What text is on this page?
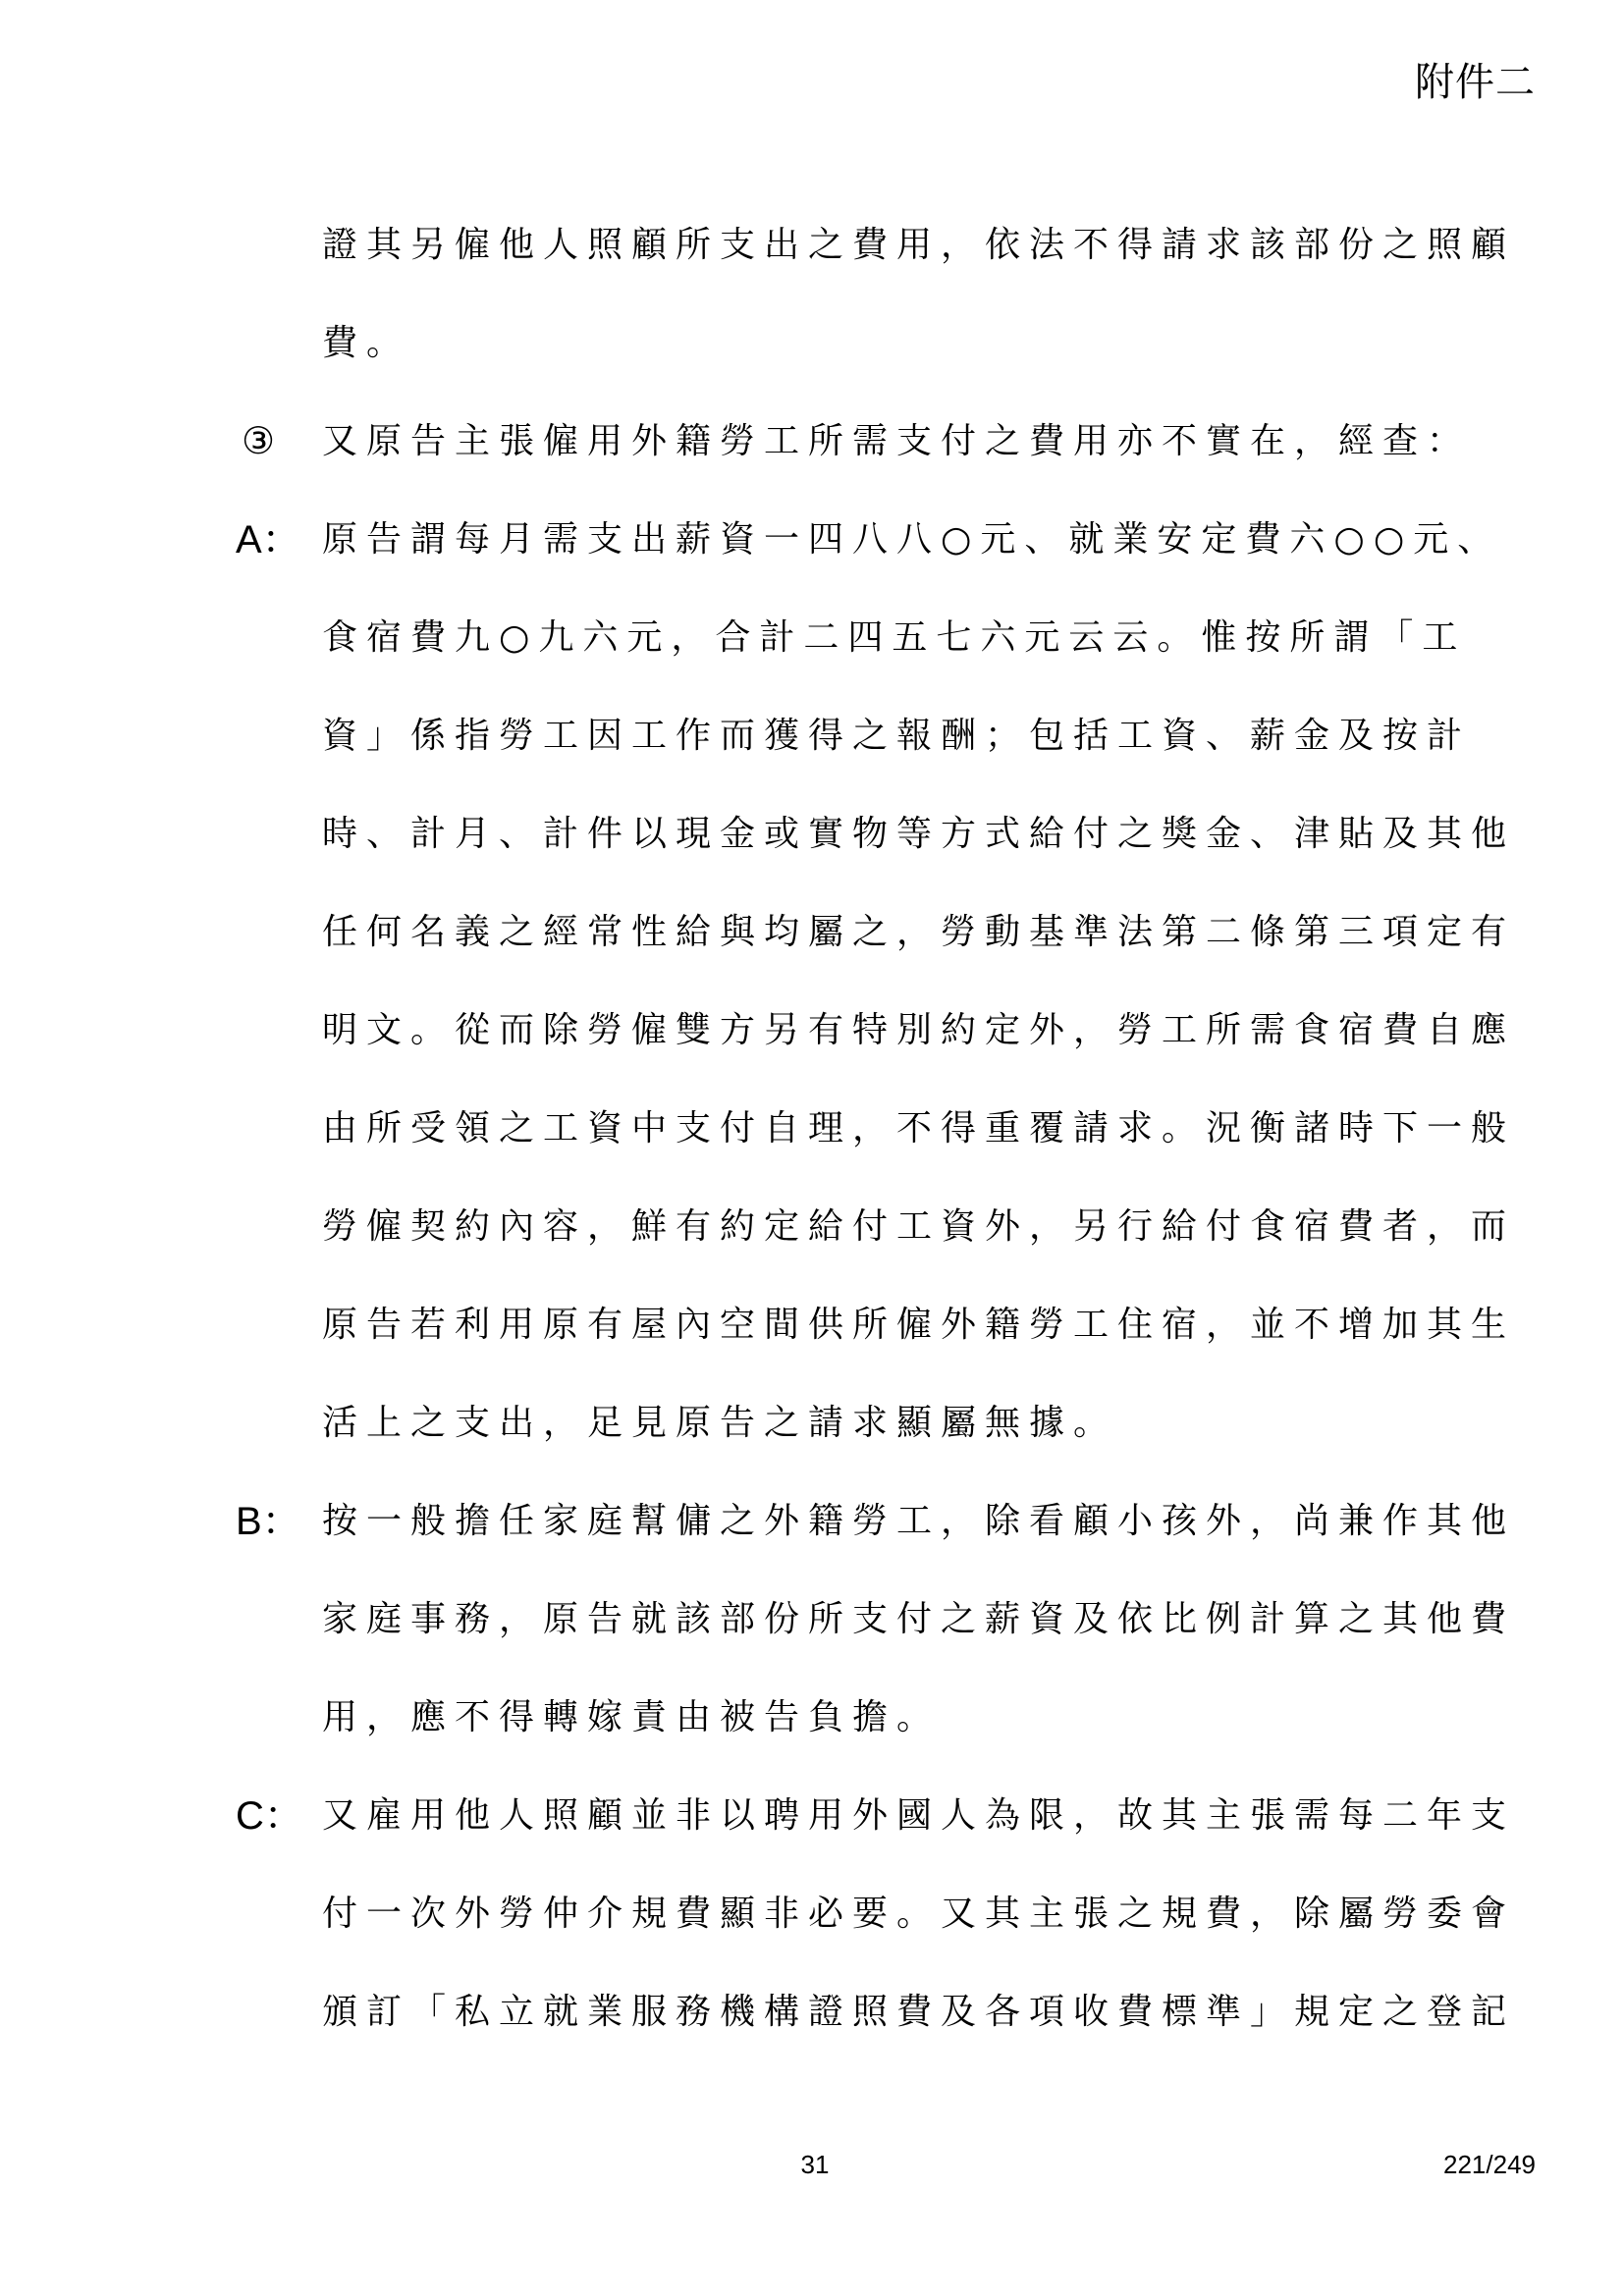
附件二
證其另僱他人照顧所支出之費用，依法不得請求該部份之照顧
費。
③	又原告主張僱用外籍勞工所需支付之費用亦不實在，經查：
A： 原告謂每月需支出薪資一四八八○元、就業安定費六○○元、
食宿費九○九六元，合計二四五七六元云云。惟按所謂「工
資」係指勞工因工作而獲得之報酬；包括工資、薪金及按計
時、計月、計件以現金或實物等方式給付之獎金、津貼及其他
任何名義之經常性給與均屬之，勞動基準法第二條第三項定有
明文。從而除勞僱雙方另有特別約定外，勞工所需食宿費自應
由所受領之工資中支付自理，不得重覆請求。況衡諸時下一般
勞僱契約內容，鮮有約定給付工資外，另行給付食宿費者，而
原告若利用原有屋內空間供所僱外籍勞工住宿，並不增加其生
活上之支出，足見原告之請求顯屬無據。
B： 按一般擔任家庭幫傭之外籍勞工，除看顧小孩外，尚兼作其他
家庭事務，原告就該部份所支付之薪資及依比例計算之其他費
用，應不得轉嫁責由被告負擔。
C： 又雇用他人照顧並非以聘用外國人為限，故其主張需每二年支
付一次外勞仲介規費顯非必要。又其主張之規費，除屬勞委會
頒訂「私立就業服務機構證照費及各項收費標準」規定之登記
31	221/249
